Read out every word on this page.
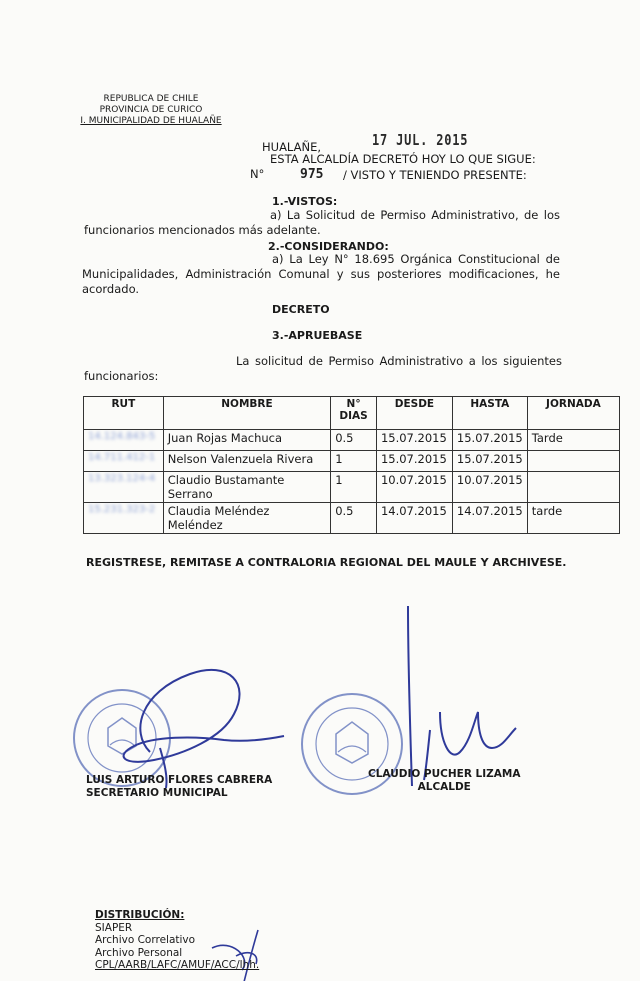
REPUBLICA DE CHILE
PROVINCIA DE CURICO
I. MUNICIPALIDAD DE HUALAÑE
HUALAÑE,	17 JUL. 2015
ESTA ALCALDÍA DECRETÓ HOY LO QUE SIGUE:
N°	975 / VISTO Y TENIENDO PRESENTE:
1.-VISTOS:
a) La Solicitud de Permiso Administrativo, de los funcionarios mencionados más adelante.
2.-CONSIDERANDO:
a) La Ley N° 18.695 Orgánica Constitucional de Municipalidades, Administración Comunal y sus posteriores modificaciones, he acordado.
DECRETO
3.-APRUEBASE
La solicitud de Permiso Administrativo a los siguientes funcionarios:
RUT	NOMBRE	N° DIAS	DESDE	HASTA	JORNADA
14.124.843-5	Juan Rojas Machuca	0.5	15.07.2015	15.07.2015	Tarde
14.711.412-1	Nelson Valenzuela Rivera	1	15.07.2015	15.07.2015	
13.323.124-4	Claudio Bustamante Serrano	1	10.07.2015	10.07.2015	
15.231.323-2	Claudia Meléndez Meléndez	0.5	14.07.2015	14.07.2015	tarde
REGISTRESE, REMITASE A CONTRALORIA REGIONAL DEL MAULE Y ARCHIVESE.
LUIS ARTURO FLORES CABRERA
SECRETARIO MUNICIPAL
CLAUDIO PUCHER LIZAMA
ALCALDE
DISTRIBUCIÓN:
SIAPER
Archivo Correlativo
Archivo Personal
CPL/AARB/LAFC/AMUF/ACC/lhh.
